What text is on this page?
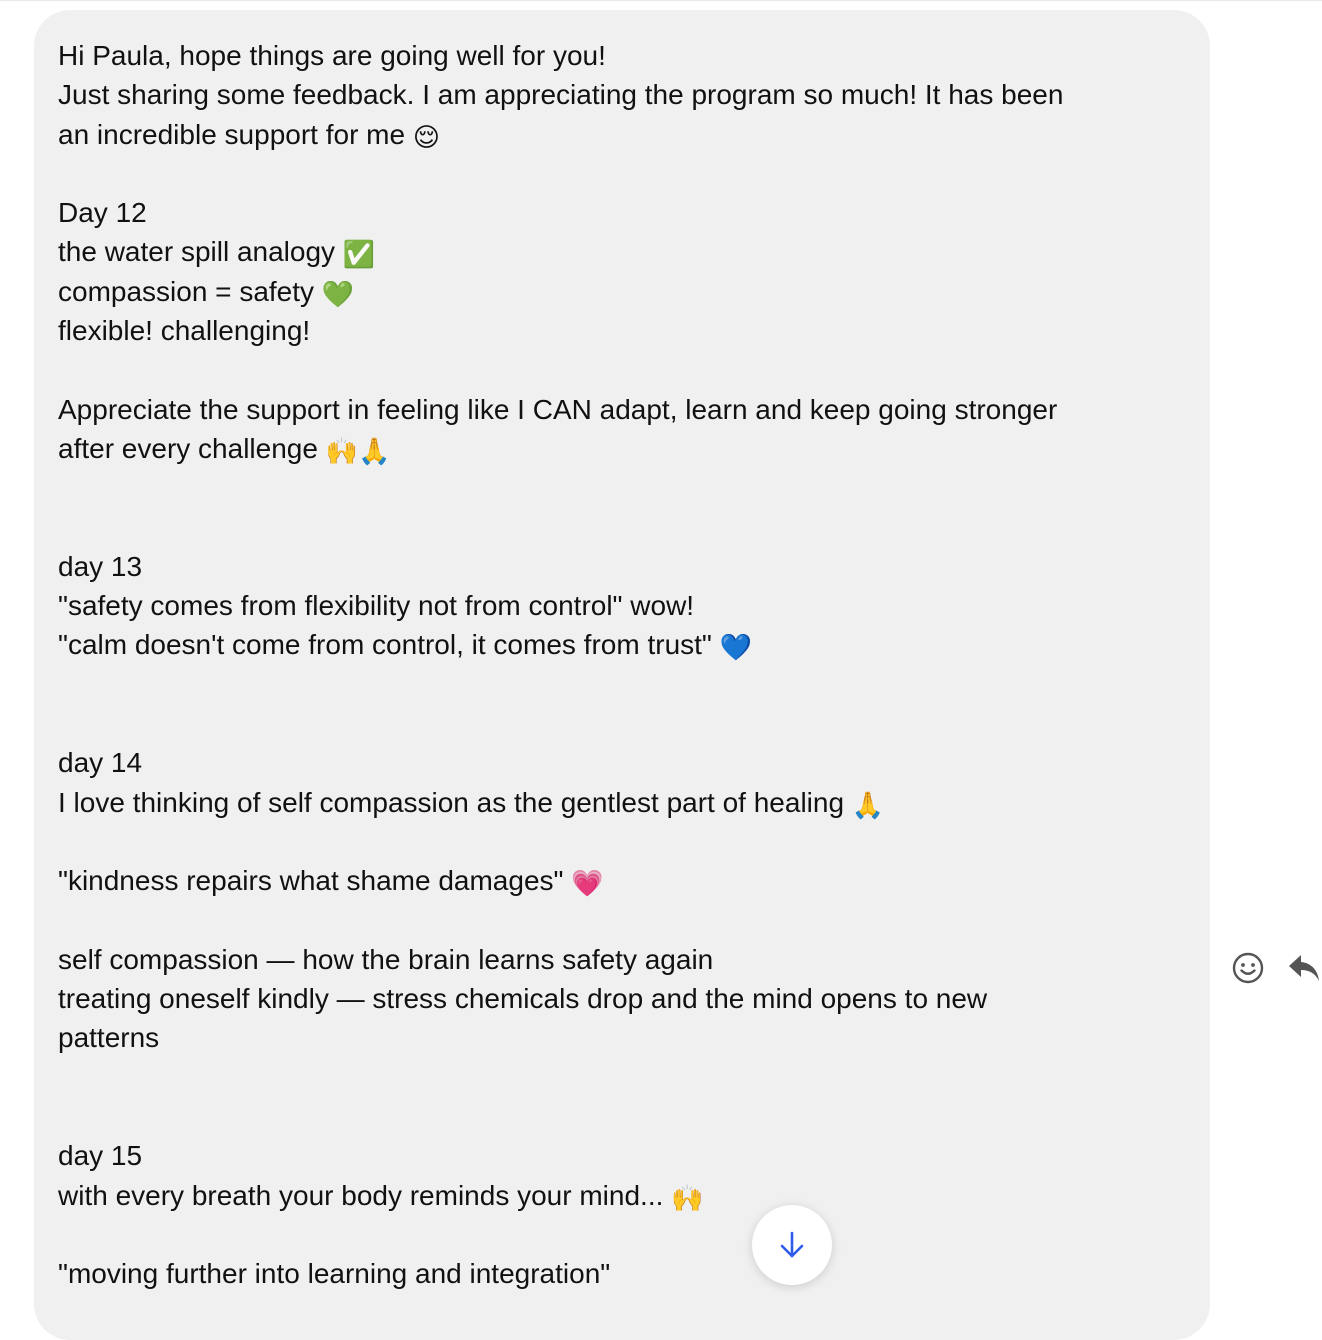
Hi Paula, hope things are going well for you!
Just sharing some feedback. I am appreciating the program so much! It has been
an incredible support for me 😌
Day 12
the water spill analogy ✅
compassion = safety 💚
flexible! challenging!
Appreciate the support in feeling like I CAN adapt, learn and keep going stronger
after every challenge 🙌🙏
day 13
"safety comes from flexibility not from control" wow!
"calm doesn't come from control, it comes from trust" 💙
day 14
I love thinking of self compassion as the gentlest part of healing 🙏
"kindness repairs what shame damages" 💗
self compassion — how the brain learns safety again
treating oneself kindly — stress chemicals drop and the mind opens to new
patterns
day 15
with every breath your body reminds your mind... 🙌
"moving further into learning and integration"
